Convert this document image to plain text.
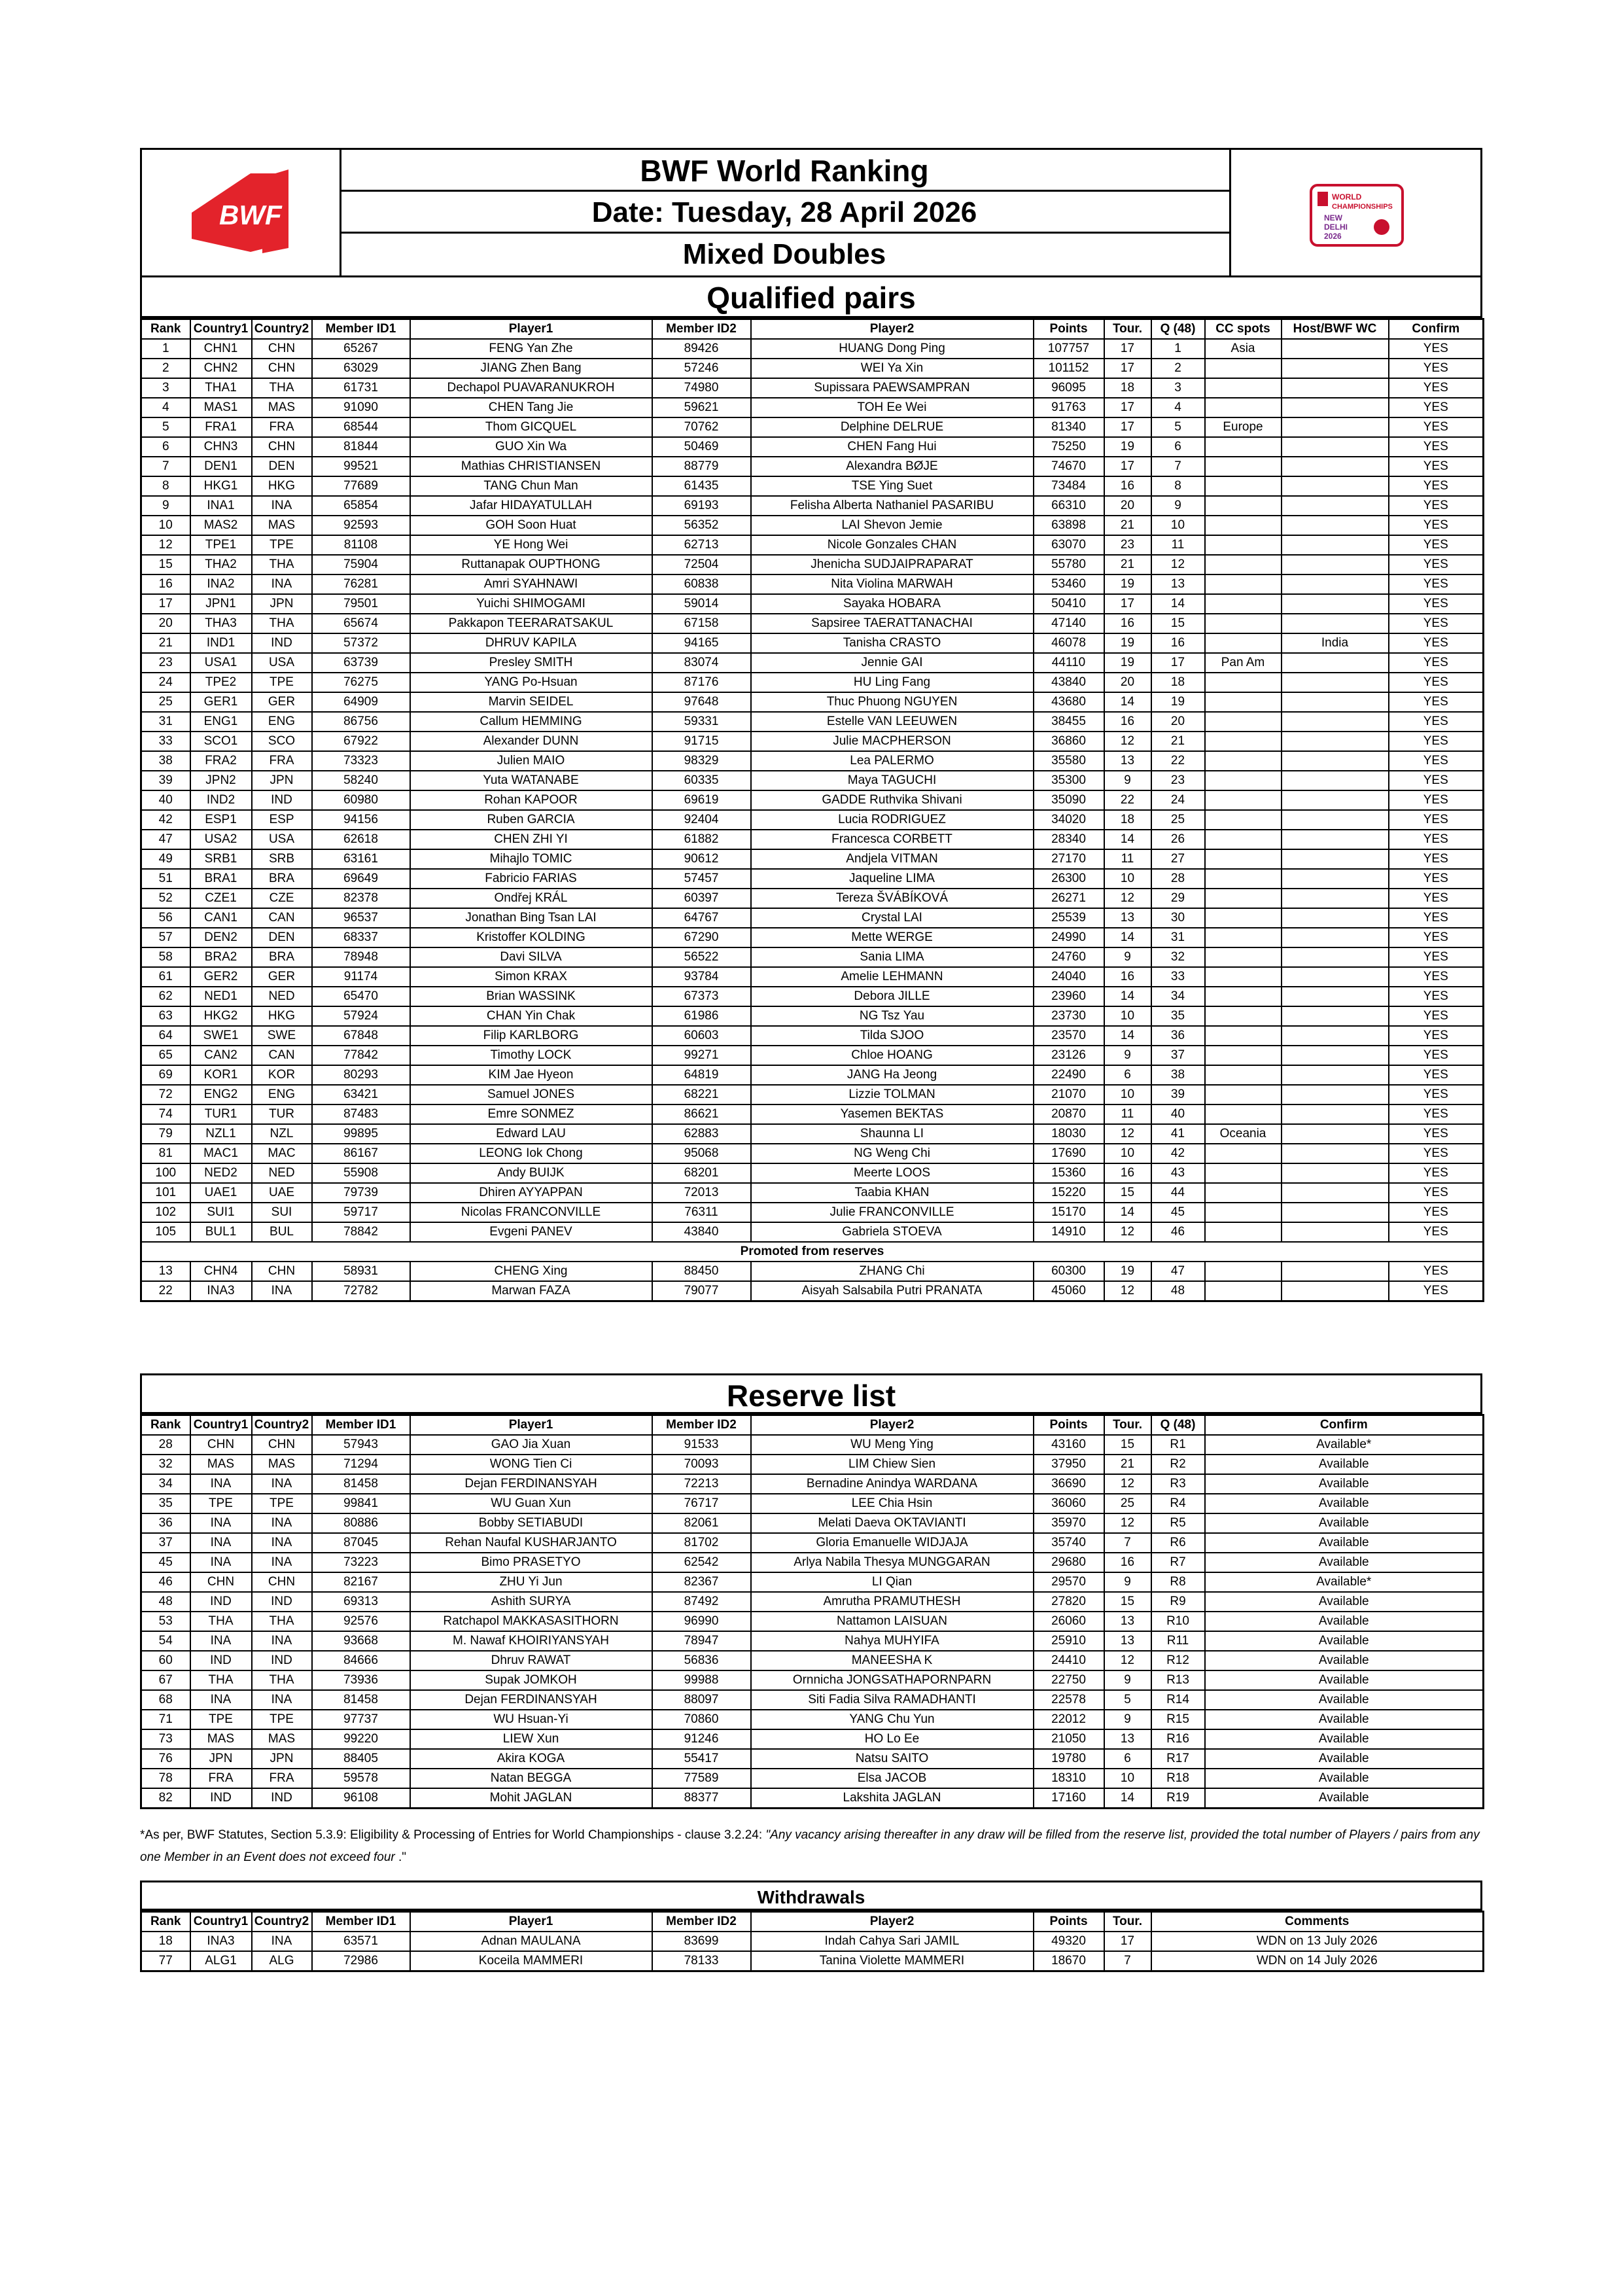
BWF
BWF World Ranking
Date: Tuesday, 28 April 2026
Mixed Doubles
WORLD
CHAMPIONSHIPS
NEW
DELHI
2026
Qualified pairs
Rank	Country1	Country2	Member ID1	Player1	Member ID2	Player2	Points	Tour.	Q (48)	CC spots	Host/BWF WC	Confirm
1	CHN1	CHN	65267	FENG Yan Zhe	89426	HUANG Dong Ping	107757	17	1	Asia		YES
2	CHN2	CHN	63029	JIANG Zhen Bang	57246	WEI Ya Xin	101152	17	2			YES
3	THA1	THA	61731	Dechapol PUAVARANUKROH	74980	Supissara PAEWSAMPRAN	96095	18	3			YES
4	MAS1	MAS	91090	CHEN Tang Jie	59621	TOH Ee Wei	91763	17	4			YES
5	FRA1	FRA	68544	Thom GICQUEL	70762	Delphine DELRUE	81340	17	5	Europe		YES
6	CHN3	CHN	81844	GUO Xin Wa	50469	CHEN Fang Hui	75250	19	6			YES
7	DEN1	DEN	99521	Mathias CHRISTIANSEN	88779	Alexandra BØJE	74670	17	7			YES
8	HKG1	HKG	77689	TANG Chun Man	61435	TSE Ying Suet	73484	16	8			YES
9	INA1	INA	65854	Jafar HIDAYATULLAH	69193	Felisha Alberta Nathaniel PASARIBU	66310	20	9			YES
10	MAS2	MAS	92593	GOH Soon Huat	56352	LAI Shevon Jemie	63898	21	10			YES
12	TPE1	TPE	81108	YE Hong Wei	62713	Nicole Gonzales CHAN	63070	23	11			YES
15	THA2	THA	75904	Ruttanapak OUPTHONG	72504	Jhenicha SUDJAIPRAPARAT	55780	21	12			YES
16	INA2	INA	76281	Amri SYAHNAWI	60838	Nita Violina MARWAH	53460	19	13			YES
17	JPN1	JPN	79501	Yuichi SHIMOGAMI	59014	Sayaka HOBARA	50410	17	14			YES
20	THA3	THA	65674	Pakkapon TEERARATSAKUL	67158	Sapsiree TAERATTANACHAI	47140	16	15			YES
21	IND1	IND	57372	DHRUV KAPILA	94165	Tanisha CRASTO	46078	19	16		India	YES
23	USA1	USA	63739	Presley SMITH	83074	Jennie GAI	44110	19	17	Pan Am		YES
24	TPE2	TPE	76275	YANG Po-Hsuan	87176	HU Ling Fang	43840	20	18			YES
25	GER1	GER	64909	Marvin SEIDEL	97648	Thuc Phuong NGUYEN	43680	14	19			YES
31	ENG1	ENG	86756	Callum HEMMING	59331	Estelle VAN LEEUWEN	38455	16	20			YES
33	SCO1	SCO	67922	Alexander DUNN	91715	Julie MACPHERSON	36860	12	21			YES
38	FRA2	FRA	73323	Julien MAIO	98329	Lea PALERMO	35580	13	22			YES
39	JPN2	JPN	58240	Yuta WATANABE	60335	Maya TAGUCHI	35300	9	23			YES
40	IND2	IND	60980	Rohan KAPOOR	69619	GADDE Ruthvika Shivani	35090	22	24			YES
42	ESP1	ESP	94156	Ruben GARCIA	92404	Lucia RODRIGUEZ	34020	18	25			YES
47	USA2	USA	62618	CHEN ZHI YI	61882	Francesca CORBETT	28340	14	26			YES
49	SRB1	SRB	63161	Mihajlo TOMIC	90612	Andjela VITMAN	27170	11	27			YES
51	BRA1	BRA	69649	Fabricio FARIAS	57457	Jaqueline LIMA	26300	10	28			YES
52	CZE1	CZE	82378	Ondřej KRÁL	60397	Tereza ŠVÁBÍKOVÁ	26271	12	29			YES
56	CAN1	CAN	96537	Jonathan Bing Tsan LAI	64767	Crystal LAI	25539	13	30			YES
57	DEN2	DEN	68337	Kristoffer KOLDING	67290	Mette WERGE	24990	14	31			YES
58	BRA2	BRA	78948	Davi SILVA	56522	Sania LIMA	24760	9	32			YES
61	GER2	GER	91174	Simon KRAX	93784	Amelie LEHMANN	24040	16	33			YES
62	NED1	NED	65470	Brian WASSINK	67373	Debora JILLE	23960	14	34			YES
63	HKG2	HKG	57924	CHAN Yin Chak	61986	NG Tsz Yau	23730	10	35			YES
64	SWE1	SWE	67848	Filip KARLBORG	60603	Tilda SJOO	23570	14	36			YES
65	CAN2	CAN	77842	Timothy LOCK	99271	Chloe HOANG	23126	9	37			YES
69	KOR1	KOR	80293	KIM Jae Hyeon	64819	JANG Ha Jeong	22490	6	38			YES
72	ENG2	ENG	63421	Samuel JONES	68221	Lizzie TOLMAN	21070	10	39			YES
74	TUR1	TUR	87483	Emre SONMEZ	86621	Yasemen BEKTAS	20870	11	40			YES
79	NZL1	NZL	99895	Edward LAU	62883	Shaunna LI	18030	12	41	Oceania		YES
81	MAC1	MAC	86167	LEONG Iok Chong	95068	NG Weng Chi	17690	10	42			YES
100	NED2	NED	55908	Andy BUIJK	68201	Meerte LOOS	15360	16	43			YES
101	UAE1	UAE	79739	Dhiren AYYAPPAN	72013	Taabia KHAN	15220	15	44			YES
102	SUI1	SUI	59717	Nicolas FRANCONVILLE	76311	Julie FRANCONVILLE	15170	14	45			YES
105	BUL1	BUL	78842	Evgeni PANEV	43840	Gabriela STOEVA	14910	12	46			YES
Promoted from reserves												
13	CHN4	CHN	58931	CHENG Xing	88450	ZHANG Chi	60300	19	47			YES
22	INA3	INA	72782	Marwan FAZA	79077	Aisyah Salsabila Putri PRANATA	45060	12	48			YES
Reserve list
Rank	Country1	Country2	Member ID1	Player1	Member ID2	Player2	Points	Tour.	Q (48)	Confirm
28	CHN	CHN	57943	GAO Jia Xuan	91533	WU Meng Ying	43160	15	R1	Available*
32	MAS	MAS	71294	WONG Tien Ci	70093	LIM Chiew Sien	37950	21	R2	Available
34	INA	INA	81458	Dejan FERDINANSYAH	72213	Bernadine Anindya WARDANA	36690	12	R3	Available
35	TPE	TPE	99841	WU Guan Xun	76717	LEE Chia Hsin	36060	25	R4	Available
36	INA	INA	80886	Bobby SETIABUDI	82061	Melati Daeva OKTAVIANTI	35970	12	R5	Available
37	INA	INA	87045	Rehan Naufal KUSHARJANTO	81702	Gloria Emanuelle WIDJAJA	35740	7	R6	Available
45	INA	INA	73223	Bimo PRASETYO	62542	Arlya Nabila Thesya MUNGGARAN	29680	16	R7	Available
46	CHN	CHN	82167	ZHU Yi Jun	82367	LI Qian	29570	9	R8	Available*
48	IND	IND	69313	Ashith SURYA	87492	Amrutha PRAMUTHESH	27820	15	R9	Available
53	THA	THA	92576	Ratchapol MAKKASASITHORN	96990	Nattamon LAISUAN	26060	13	R10	Available
54	INA	INA	93668	M. Nawaf KHOIRIYANSYAH	78947	Nahya MUHYIFA	25910	13	R11	Available
60	IND	IND	84666	Dhruv RAWAT	56836	MANEESHA K	24410	12	R12	Available
67	THA	THA	73936	Supak JOMKOH	99988	Ornnicha JONGSATHAPORNPARN	22750	9	R13	Available
68	INA	INA	81458	Dejan FERDINANSYAH	88097	Siti Fadia Silva RAMADHANTI	22578	5	R14	Available
71	TPE	TPE	97737	WU Hsuan-Yi	70860	YANG Chu Yun	22012	9	R15	Available
73	MAS	MAS	99220	LIEW Xun	91246	HO Lo Ee	21050	13	R16	Available
76	JPN	JPN	88405	Akira KOGA	55417	Natsu SAITO	19780	6	R17	Available
78	FRA	FRA	59578	Natan BEGGA	77589	Elsa JACOB	18310	10	R18	Available
82	IND	IND	96108	Mohit JAGLAN	88377	Lakshita JAGLAN	17160	14	R19	Available
*As per, BWF Statutes, Section 5.3.9: Eligibility & Processing of Entries for World Championships - clause 3.2.24: "Any vacancy arising thereafter in any draw will be filled from the reserve list, provided the total number of Players / pairs from any one Member in an Event does not exceed four ."
Withdrawals
Rank	Country1	Country2	Member ID1	Player1	Member ID2	Player2	Points	Tour.	Comments
18	INA3	INA	63571	Adnan MAULANA	83699	Indah Cahya Sari JAMIL	49320	17	WDN on 13 July 2026
77	ALG1	ALG	72986	Koceila MAMMERI	78133	Tanina Violette MAMMERI	18670	7	WDN on 14 July 2026
